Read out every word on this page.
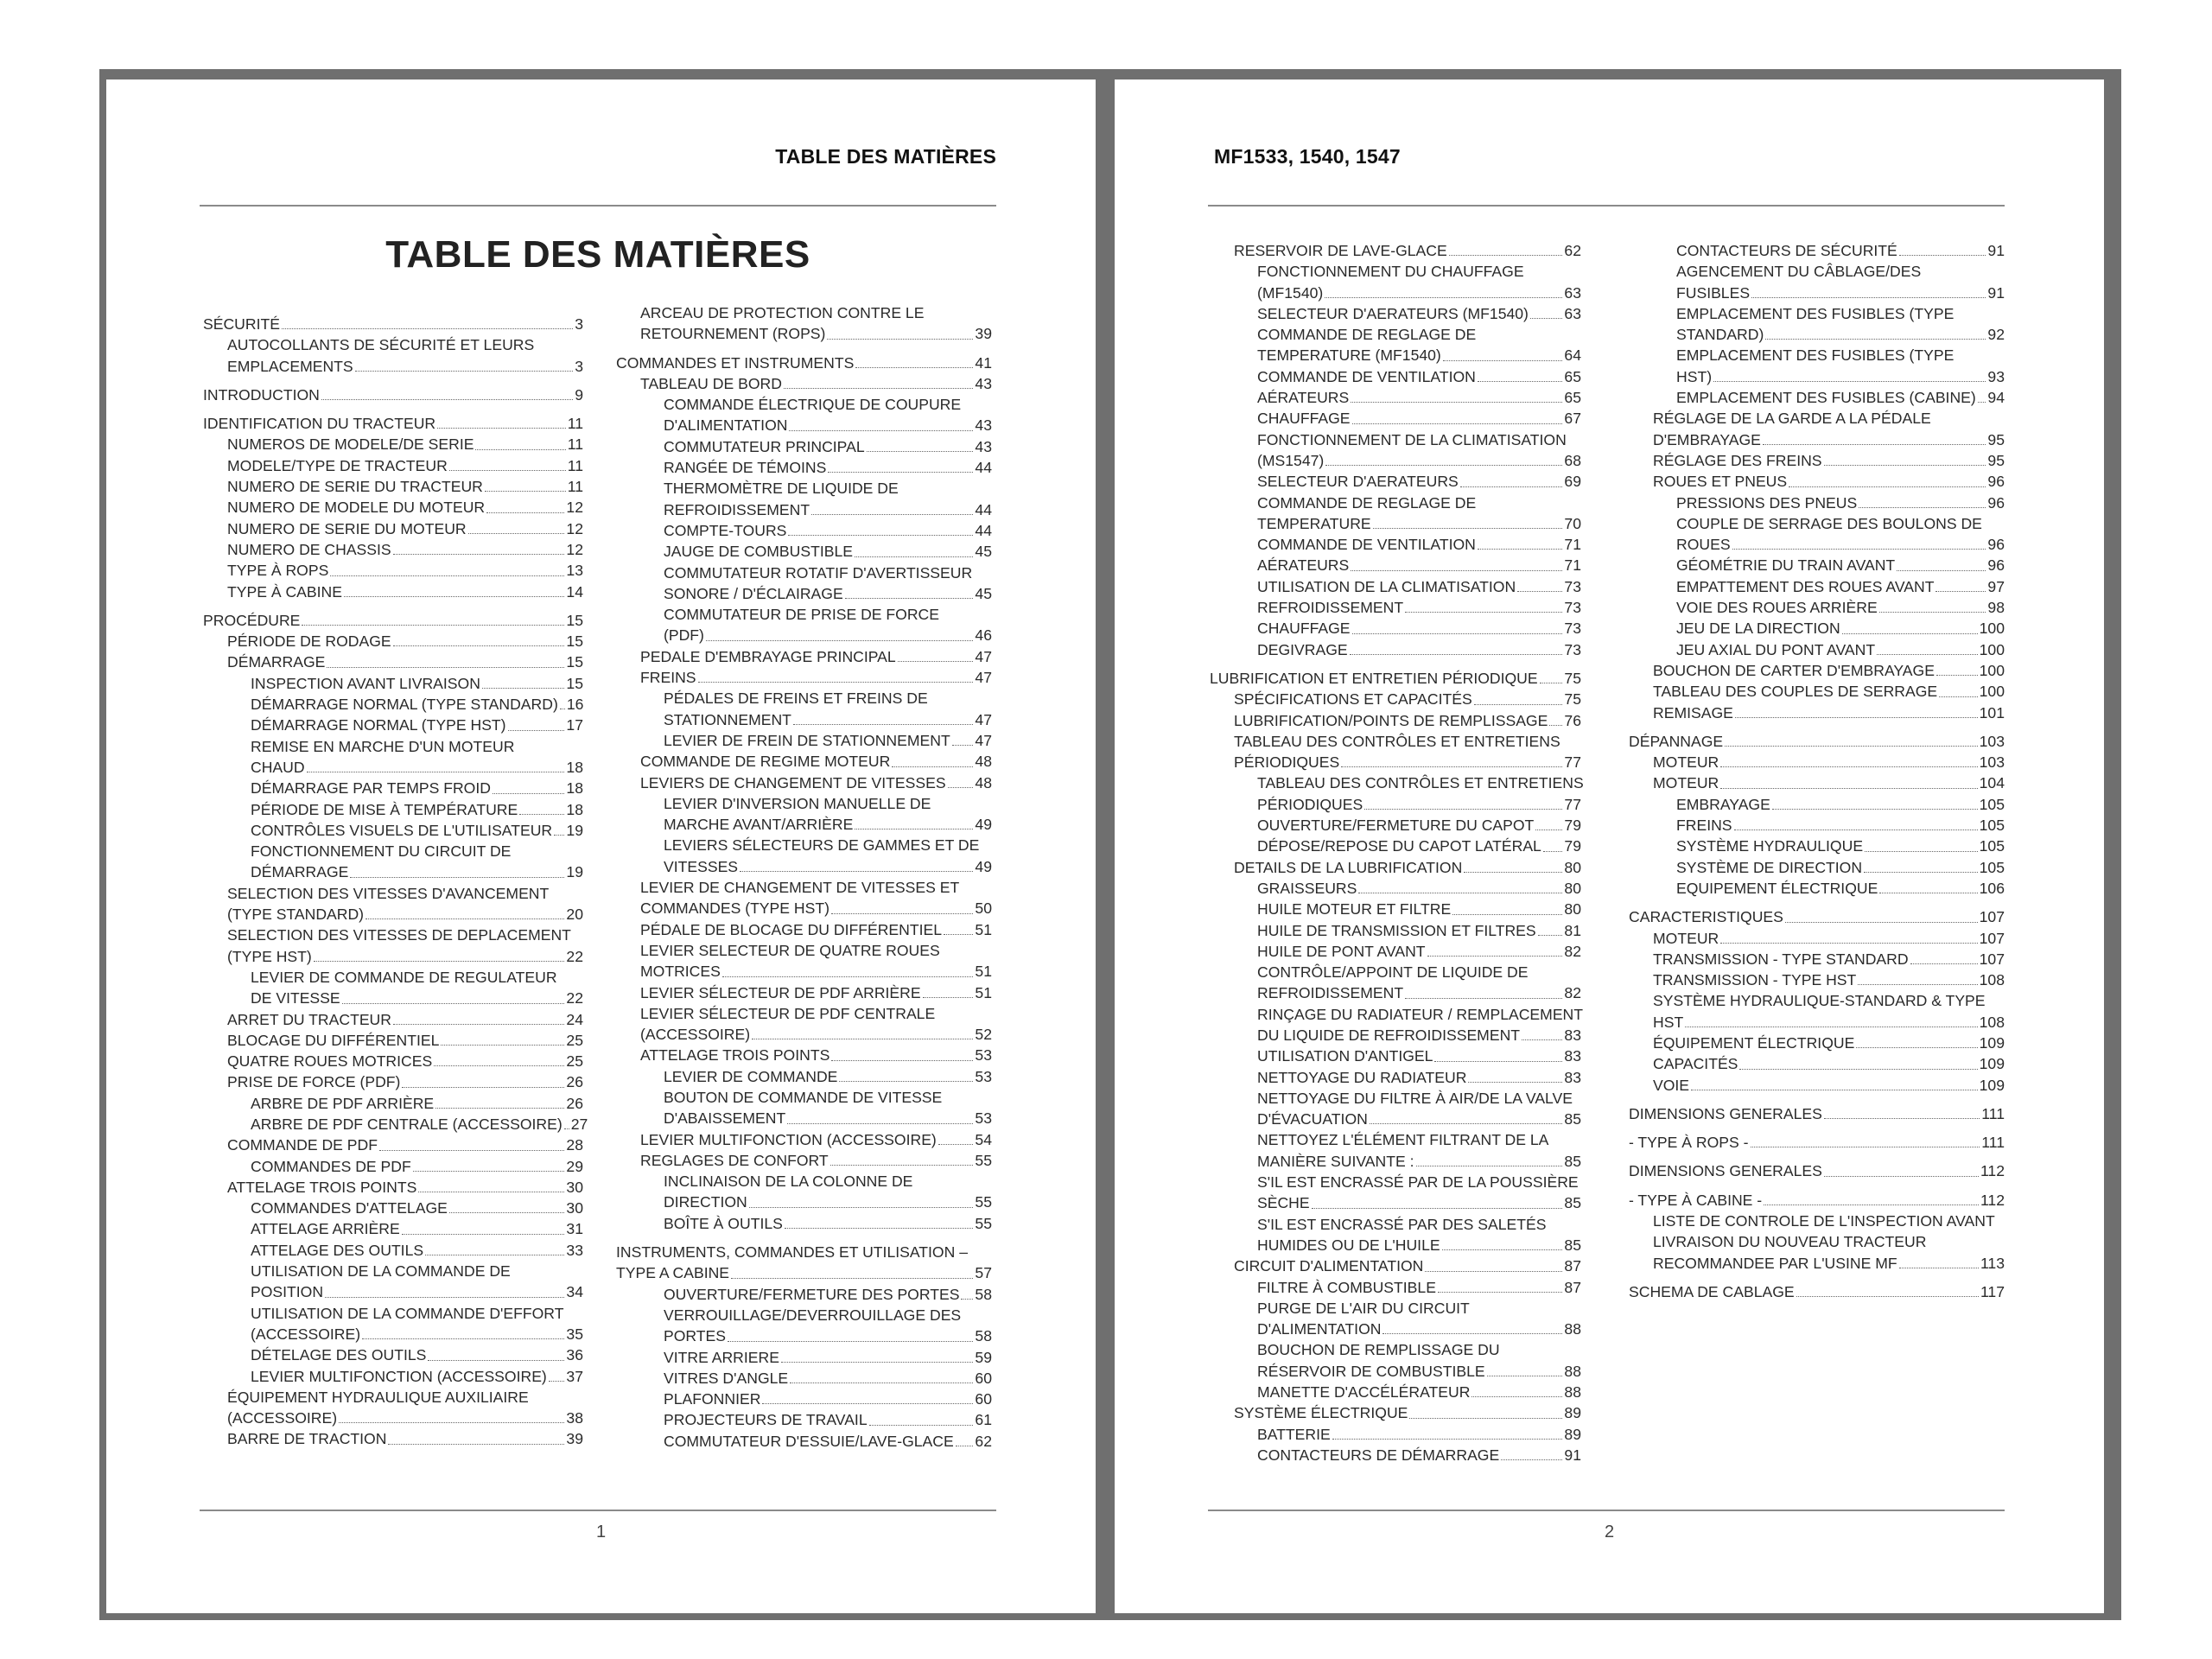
TABLE DES MATIÈRES
TABLE DES MATIÈRES
SÉCURITÉ	3
AUTOCOLLANTS DE SÉCURITÉ ET LEURS
EMPLACEMENTS	3
INTRODUCTION	9
IDENTIFICATION DU TRACTEUR	11
NUMEROS DE MODELE/DE SERIE	11
MODELE/TYPE DE TRACTEUR	11
NUMERO DE SERIE DU TRACTEUR	11
NUMERO DE MODELE DU MOTEUR	12
NUMERO DE SERIE DU MOTEUR	12
NUMERO DE CHASSIS	12
TYPE À ROPS	13
TYPE À CABINE	14
PROCÉDURE	15
PÉRIODE DE RODAGE	15
DÉMARRAGE	15
INSPECTION AVANT LIVRAISON	15
DÉMARRAGE NORMAL (TYPE STANDARD) 16
DÉMARRAGE NORMAL (TYPE HST)	17
REMISE EN MARCHE D'UN MOTEUR
CHAUD	18
DÉMARRAGE PAR TEMPS FROID	18
PÉRIODE DE MISE À TEMPÉRATURE	18
CONTRÔLES VISUELS DE L'UTILISATEUR 19
FONCTIONNEMENT DU CIRCUIT DE
DÉMARRAGE	19
SELECTION DES VITESSES D'AVANCEMENT
(TYPE STANDARD)	20
SELECTION DES VITESSES DE DEPLACEMENT
(TYPE HST)	22
LEVIER DE COMMANDE DE REGULATEUR
DE VITESSE	22
ARRET DU TRACTEUR	24
BLOCAGE DU DIFFÉRENTIEL	25
QUATRE ROUES MOTRICES	25
PRISE DE FORCE (PDF)	26
ARBRE DE PDF ARRIÈRE	26
ARBRE DE PDF CENTRALE (ACCESSOIRE) 27
COMMANDE DE PDF	28
COMMANDES DE PDF	29
ATTELAGE TROIS POINTS	30
COMMANDES D'ATTELAGE	30
ATTELAGE ARRIÈRE	31
ATTELAGE DES OUTILS	33
UTILISATION DE LA COMMANDE DE
POSITION	34
UTILISATION DE LA COMMANDE D'EFFORT
(ACCESSOIRE)	35
DÉTELAGE DES OUTILS	36
LEVIER MULTIFONCTION (ACCESSOIRE) 37
ÉQUIPEMENT HYDRAULIQUE AUXILIAIRE
(ACCESSOIRE)	38
BARRE DE TRACTION	39
ARCEAU DE PROTECTION CONTRE LE
RETOURNEMENT (ROPS)	39
COMMANDES ET INSTRUMENTS	41
TABLEAU DE BORD	43
COMMANDE ÉLECTRIQUE DE COUPURE
D'ALIMENTATION	43
COMMUTATEUR PRINCIPAL	43
RANGÉE DE TÉMOINS	44
THERMOMÈTRE DE LIQUIDE DE
REFROIDISSEMENT	44
COMPTE-TOURS	44
JAUGE DE COMBUSTIBLE	45
COMMUTATEUR ROTATIF D'AVERTISSEUR
SONORE / D'ÉCLAIRAGE	45
COMMUTATEUR DE PRISE DE FORCE
(PDF)	46
PEDALE D'EMBRAYAGE PRINCIPAL	47
FREINS	47
PÉDALES DE FREINS ET FREINS DE
STATIONNEMENT	47
LEVIER DE FREIN DE STATIONNEMENT 47
COMMANDE DE REGIME MOTEUR	48
LEVIERS DE CHANGEMENT DE VITESSES 48
LEVIER D'INVERSION MANUELLE DE
MARCHE AVANT/ARRIÈRE	49
LEVIERS SÉLECTEURS DE GAMMES ET DE
VITESSES	49
LEVIER DE CHANGEMENT DE VITESSES ET
COMMANDES (TYPE HST)	50
PÉDALE DE BLOCAGE DU DIFFÉRENTIEL 51
LEVIER SELECTEUR DE QUATRE ROUES
MOTRICES	51
LEVIER SÉLECTEUR DE PDF ARRIÈRE	51
LEVIER SÉLECTEUR DE PDF CENTRALE
(ACCESSOIRE)	52
ATTELAGE TROIS POINTS	53
LEVIER DE COMMANDE	53
BOUTON DE COMMANDE DE VITESSE
D'ABAISSEMENT	53
LEVIER MULTIFONCTION (ACCESSOIRE)	54
REGLAGES DE CONFORT	55
INCLINAISON DE LA COLONNE DE
DIRECTION	55
BOÎTE À OUTILS	55
INSTRUMENTS, COMMANDES ET UTILISATION –
TYPE A CABINE	57
OUVERTURE/FERMETURE DES PORTES 58
VERROUILLAGE/DEVERROUILLAGE DES
PORTES	58
VITRE ARRIERE	59
VITRES D'ANGLE	60
PLAFONNIER	60
PROJECTEURS DE TRAVAIL	61
COMMUTATEUR D'ESSUIE/LAVE-GLACE 62
1
MF1533, 1540, 1547
RESERVOIR DE LAVE-GLACE	62
FONCTIONNEMENT DU CHAUFFAGE
(MF1540)	63
SELECTEUR D'AERATEURS (MF1540) 63
COMMANDE DE REGLAGE DE
TEMPERATURE (MF1540)	64
COMMANDE DE VENTILATION	65
AÉRATEURS	65
CHAUFFAGE	67
FONCTIONNEMENT DE LA CLIMATISATION
(MS1547)	68
SELECTEUR D'AERATEURS	69
COMMANDE DE REGLAGE DE
TEMPERATURE	70
COMMANDE DE VENTILATION	71
AÉRATEURS	71
UTILISATION DE LA CLIMATISATION	73
REFROIDISSEMENT	73
CHAUFFAGE	73
DEGIVRAGE	73
LUBRIFICATION ET ENTRETIEN PÉRIODIQUE 75
SPÉCIFICATIONS ET CAPACITÉS	75
LUBRIFICATION/POINTS DE REMPLISSAGE 76
TABLEAU DES CONTRÔLES ET ENTRETIENS
PÉRIODIQUES	77
TABLEAU DES CONTRÔLES ET ENTRETIENS
PÉRIODIQUES	77
OUVERTURE/FERMETURE DU CAPOT 79
DÉPOSE/REPOSE DU CAPOT LATÉRAL 79
DETAILS DE LA LUBRIFICATION	80
GRAISSEURS	80
HUILE MOTEUR ET FILTRE	80
HUILE DE TRANSMISSION ET FILTRES 81
HUILE DE PONT AVANT	82
CONTRÔLE/APPOINT DE LIQUIDE DE
REFROIDISSEMENT	82
RINÇAGE DU RADIATEUR / REMPLACEMENT
DU LIQUIDE DE REFROIDISSEMENT	83
UTILISATION D'ANTIGEL	83
NETTOYAGE DU RADIATEUR	83
NETTOYAGE DU FILTRE À AIR/DE LA VALVE
D'ÉVACUATION	85
NETTOYEZ L'ÉLÉMENT FILTRANT DE LA
MANIÈRE SUIVANTE :	85
S'IL EST ENCRASSÉ PAR DE LA POUSSIÈRE
SÈCHE	85
S'IL EST ENCRASSÉ PAR DES SALETÉS
HUMIDES OU DE L'HUILE	85
CIRCUIT D'ALIMENTATION	87
FILTRE À COMBUSTIBLE	87
PURGE DE L'AIR DU CIRCUIT
D'ALIMENTATION	88
BOUCHON DE REMPLISSAGE DU
RÉSERVOIR DE COMBUSTIBLE	88
MANETTE D'ACCÉLÉRATEUR	88
SYSTÈME ÉLECTRIQUE	89
BATTERIE	89
CONTACTEURS DE DÉMARRAGE	91
CONTACTEURS DE SÉCURITÉ	91
AGENCEMENT DU CÂBLAGE/DES
FUSIBLES	91
EMPLACEMENT DES FUSIBLES (TYPE
STANDARD)	92
EMPLACEMENT DES FUSIBLES (TYPE
HST)	93
EMPLACEMENT DES FUSIBLES (CABINE) 94
RÉGLAGE DE LA GARDE A LA PÉDALE
D'EMBRAYAGE	95
RÉGLAGE DES FREINS	95
ROUES ET PNEUS	96
PRESSIONS DES PNEUS	96
COUPLE DE SERRAGE DES BOULONS DE
ROUES	96
GÉOMÉTRIE DU TRAIN AVANT	96
EMPATTEMENT DES ROUES AVANT	97
VOIE DES ROUES ARRIÈRE	98
JEU DE LA DIRECTION	100
JEU AXIAL DU PONT AVANT	100
BOUCHON DE CARTER D'EMBRAYAGE	100
TABLEAU DES COUPLES DE SERRAGE	100
REMISAGE	101
DÉPANNAGE	103
MOTEUR	103
MOTEUR	104
EMBRAYAGE	105
FREINS	105
SYSTÈME HYDRAULIQUE	105
SYSTÈME DE DIRECTION	105
EQUIPEMENT ÉLECTRIQUE	106
CARACTERISTIQUES	107
MOTEUR	107
TRANSMISSION - TYPE STANDARD	107
TRANSMISSION - TYPE HST	108
SYSTÈME HYDRAULIQUE-STANDARD & TYPE
HST	108
ÉQUIPEMENT ÉLECTRIQUE	109
CAPACITÉS	109
VOIE	109
DIMENSIONS GENERALES	111
- TYPE À ROPS -	111
DIMENSIONS GENERALES	112
- TYPE À CABINE -	112
LISTE DE CONTROLE DE L'INSPECTION AVANT
LIVRAISON DU NOUVEAU TRACTEUR
RECOMMANDEE PAR L'USINE MF	113
SCHEMA DE CABLAGE	117
2
